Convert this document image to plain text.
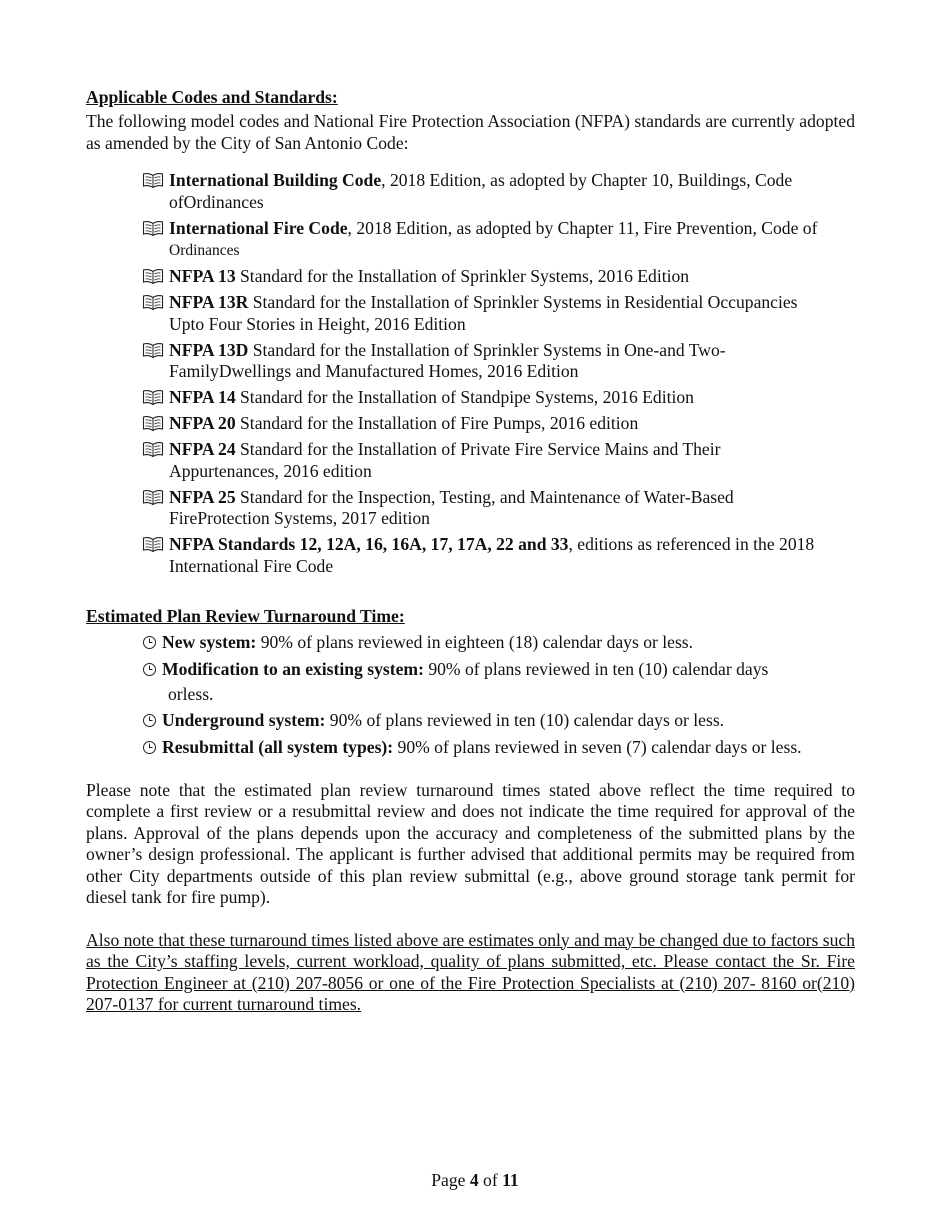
Applicable Codes and Standards:

The following model codes and National Fire Protection Association (NFPA) standards are currently adopted as amended by the City of San Antonio Code:

International Building Code, 2018 Edition, as adopted by Chapter 10, Buildings, Code
ofOrdinances
International Fire Code, 2018 Edition, as adopted by Chapter 11, Fire Prevention, Code of
Ordinances
NFPA 13 Standard for the Installation of Sprinkler Systems, 2016 Edition
NFPA 13R Standard for the Installation of Sprinkler Systems in Residential Occupancies
Upto Four Stories in Height, 2016 Edition
NFPA 13D Standard for the Installation of Sprinkler Systems in One-and Two-
FamilyDwellings and Manufactured Homes, 2016 Edition
NFPA 14 Standard for the Installation of Standpipe Systems, 2016 Edition
NFPA 20 Standard for the Installation of Fire Pumps, 2016 edition
NFPA 24 Standard for the Installation of Private Fire Service Mains and Their
Appurtenances, 2016 edition
NFPA 25 Standard for the Inspection, Testing, and Maintenance of Water-Based
FireProtection Systems, 2017 edition
NFPA Standards 12, 12A, 16, 16A, 17, 17A, 22 and 33, editions as referenced in the 2018
International Fire Code

Estimated Plan Review Turnaround Time:

New system: 90% of plans reviewed in eighteen (18) calendar days or less.
Modification to an existing system: 90% of plans reviewed in ten (10) calendar days
orless.
Underground system: 90% of plans reviewed in ten (10) calendar days or less.
Resubmittal (all system types): 90% of plans reviewed in seven (7) calendar days or less.

Please note that the estimated plan review turnaround times stated above reflect the time required to complete a first review or a resubmittal review and does not indicate the time required for approval of the plans. Approval of the plans depends upon the accuracy and completeness of the submitted plans by the owner’s design professional. The applicant is further advised that additional permits may be required from other City departments outside of this plan review submittal (e.g., above ground storage tank permit for diesel tank for fire pump).

Also note that these turnaround times listed above are estimates only and may be changed due to factors such as the City’s staffing levels, current workload, quality of plans submitted, etc. Please contact the Sr. Fire Protection Engineer at (210) 207-8056 or one of the Fire Protection Specialists at (210) 207- 8160 or(210) 207-0137 for current turnaround times.

Page 4 of 11
